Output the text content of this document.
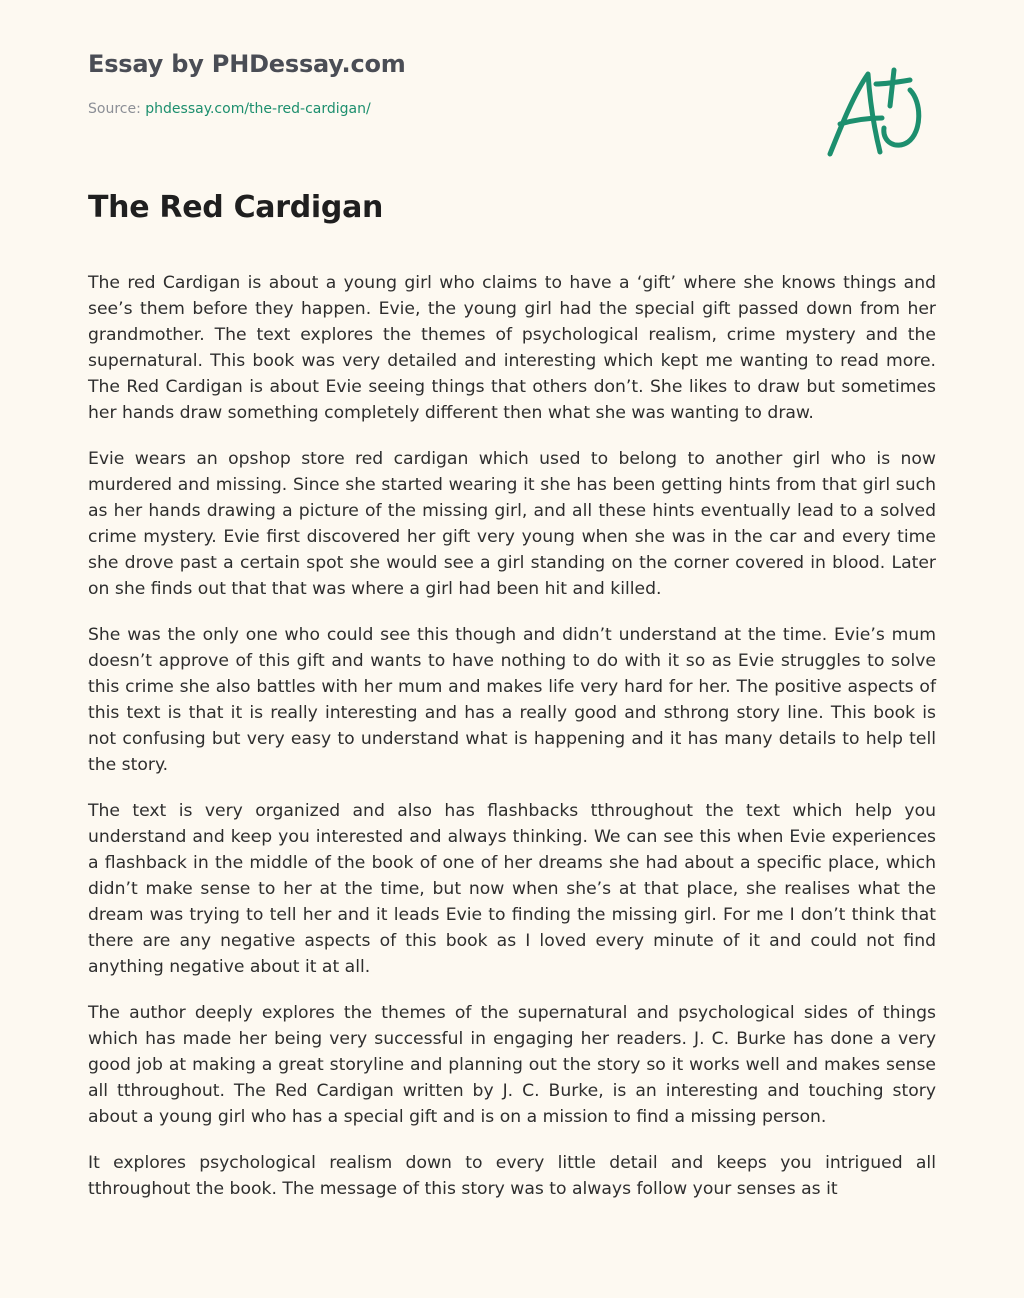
Essay by PHDessay.com

Source: phdessay.com/the-red-cardigan/

The Red Cardigan

The red Cardigan is about a young girl who claims to have a ‘gift’ where she knows things and see’s them before they happen. Evie, the young girl had the special gift passed down from her grandmother. The text explores the themes of psychological realism, crime mystery and the supernatural. This book was very detailed and interesting which kept me wanting to read more. The Red Cardigan is about Evie seeing things that others don’t. She likes to draw but sometimes her hands draw something completely different then what she was wanting to draw.

Evie wears an opshop store red cardigan which used to belong to another girl who is now murdered and missing. Since she started wearing it she has been getting hints from that girl such as her hands drawing a picture of the missing girl, and all these hints eventually lead to a solved crime mystery. Evie first discovered her gift very young when she was in the car and every time she drove past a certain spot she would see a girl standing on the corner covered in blood. Later on she finds out that that was where a girl had been hit and killed.

She was the only one who could see this though and didn’t understand at the time. Evie’s mum doesn’t approve of this gift and wants to have nothing to do with it so as Evie struggles to solve this crime she also battles with her mum and makes life very hard for her. The positive aspects of this text is that it is really interesting and has a really good and sthrong story line. This book is not confusing but very easy to understand what is happening and it has many details to help tell the story.

The text is very organized and also has flashbacks tthroughout the text which help you understand and keep you interested and always thinking. We can see this when Evie experiences a flashback in the middle of the book of one of her dreams she had about a specific place, which didn’t make sense to her at the time, but now when she’s at that place, she realises what the dream was trying to tell her and it leads Evie to finding the missing girl. For me I don’t think that there are any negative aspects of this book as I loved every minute of it and could not find anything negative about it at all.

The author deeply explores the themes of the supernatural and psychological sides of things which has made her being very successful in engaging her readers. J. C. Burke has done a very good job at making a great storyline and planning out the story so it works well and makes sense all tthroughout. The Red Cardigan written by J. C. Burke, is an interesting and touching story about a young girl who has a special gift and is on a mission to find a missing person.

It explores psychological realism down to every little detail and keeps you intrigued all tthroughout the book. The message of this story was to always follow your senses as it
